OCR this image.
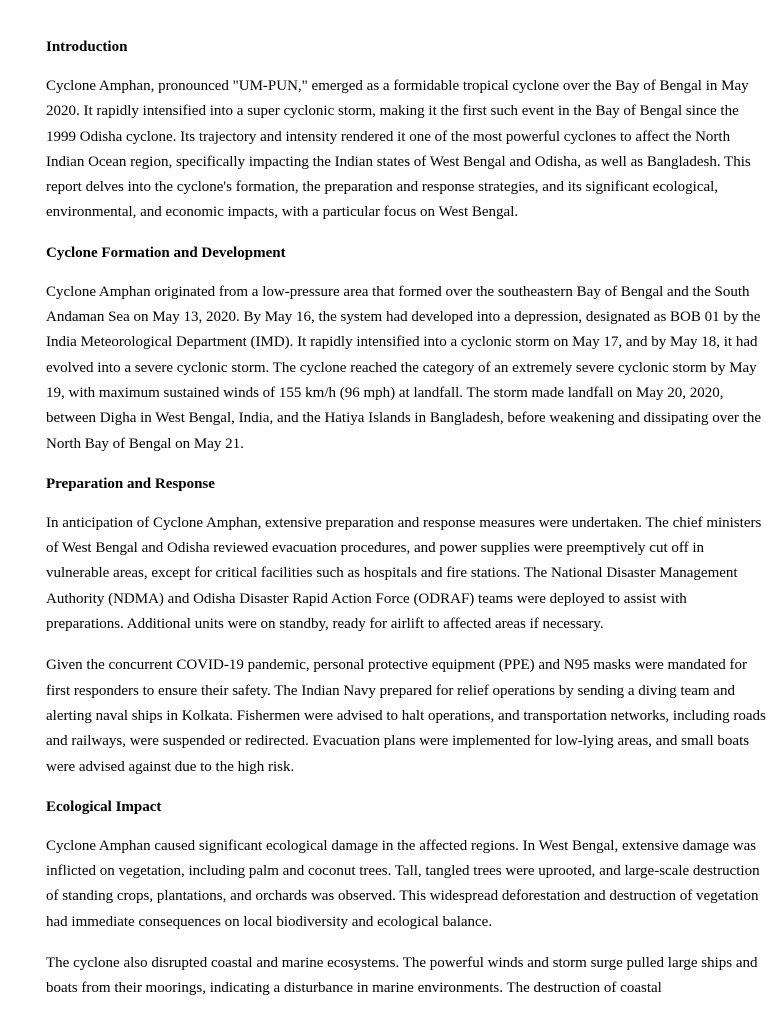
Introduction
Cyclone Amphan, pronounced "UM-PUN," emerged as a formidable tropical cyclone over the Bay of Bengal in May 2020. It rapidly intensified into a super cyclonic storm, making it the first such event in the Bay of Bengal since the 1999 Odisha cyclone. Its trajectory and intensity rendered it one of the most powerful cyclones to affect the North Indian Ocean region, specifically impacting the Indian states of West Bengal and Odisha, as well as Bangladesh. This report delves into the cyclone's formation, the preparation and response strategies, and its significant ecological, environmental, and economic impacts, with a particular focus on West Bengal.
Cyclone Formation and Development
Cyclone Amphan originated from a low-pressure area that formed over the southeastern Bay of Bengal and the South Andaman Sea on May 13, 2020. By May 16, the system had developed into a depression, designated as BOB 01 by the India Meteorological Department (IMD). It rapidly intensified into a cyclonic storm on May 17, and by May 18, it had evolved into a severe cyclonic storm. The cyclone reached the category of an extremely severe cyclonic storm by May 19, with maximum sustained winds of 155 km/h (96 mph) at landfall. The storm made landfall on May 20, 2020, between Digha in West Bengal, India, and the Hatiya Islands in Bangladesh, before weakening and dissipating over the North Bay of Bengal on May 21.
Preparation and Response
In anticipation of Cyclone Amphan, extensive preparation and response measures were undertaken. The chief ministers of West Bengal and Odisha reviewed evacuation procedures, and power supplies were preemptively cut off in vulnerable areas, except for critical facilities such as hospitals and fire stations. The National Disaster Management Authority (NDMA) and Odisha Disaster Rapid Action Force (ODRAF) teams were deployed to assist with preparations. Additional units were on standby, ready for airlift to affected areas if necessary.
Given the concurrent COVID-19 pandemic, personal protective equipment (PPE) and N95 masks were mandated for first responders to ensure their safety. The Indian Navy prepared for relief operations by sending a diving team and alerting naval ships in Kolkata. Fishermen were advised to halt operations, and transportation networks, including roads and railways, were suspended or redirected. Evacuation plans were implemented for low-lying areas, and small boats were advised against due to the high risk.
Ecological Impact
Cyclone Amphan caused significant ecological damage in the affected regions. In West Bengal, extensive damage was inflicted on vegetation, including palm and coconut trees. Tall, tangled trees were uprooted, and large-scale destruction of standing crops, plantations, and orchards was observed. This widespread deforestation and destruction of vegetation had immediate consequences on local biodiversity and ecological balance.
The cyclone also disrupted coastal and marine ecosystems. The powerful winds and storm surge pulled large ships and boats from their moorings, indicating a disturbance in marine environments. The destruction of coastal
